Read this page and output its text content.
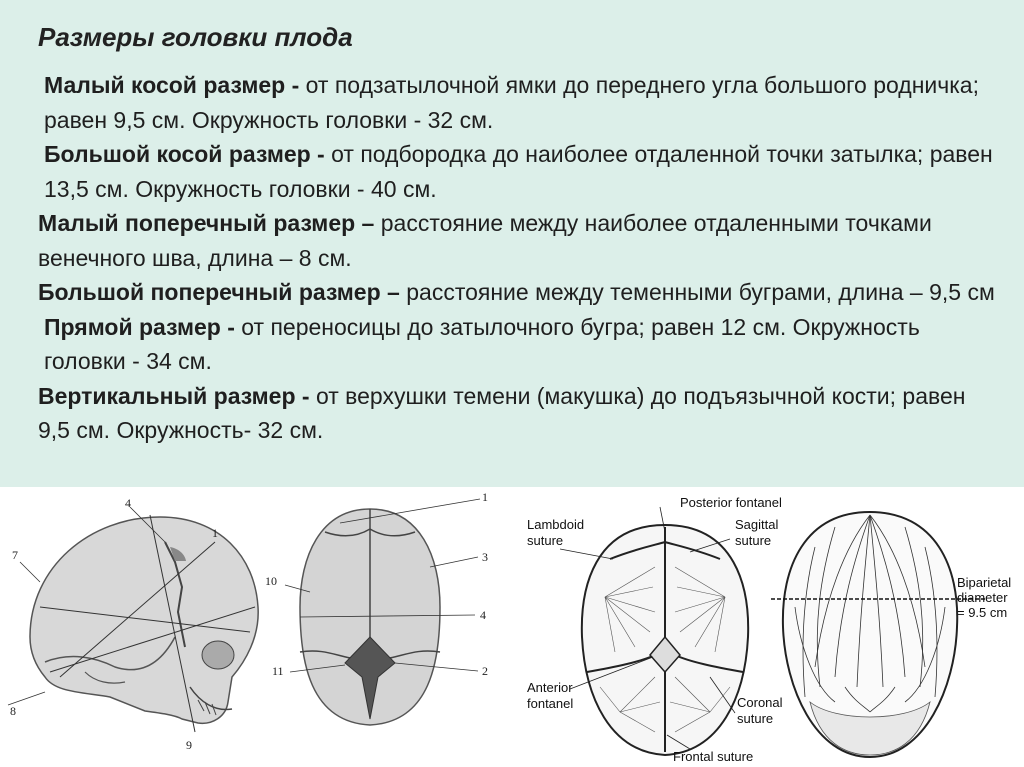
Размеры головки плода

Малый косой размер - от подзатылочной ямки до переднего угла большого родничка; равен 9,5 см. Окружность головки - 32 см.

Большой косой размер - от подбородка до наиболее отдаленной точки затылка; равен 13,5 см. Окружность головки - 40 см.

Малый поперечный размер – расстояние между наиболее отдаленными точками венечного шва, длина – 8 см.

Большой поперечный размер – расстояние между теменными буграми, длина – 9,5 см

Прямой размер - от переносицы до затылочного бугра; равен 12 см. Окружность головки - 34 см.

Вертикальный размер - от верхушки темени (макушка) до подъязычной кости; равен 9,5 см. Окружность- 32 см.

4
1
7
8
9
1
3
10
4
11	2
Posterior fontanel
Lambdoid
suture
Sagittal
suture
Biparietal
diameter
= 9.5 cm
Anterior
fontanel	Coronal
suture
Frontal suture
